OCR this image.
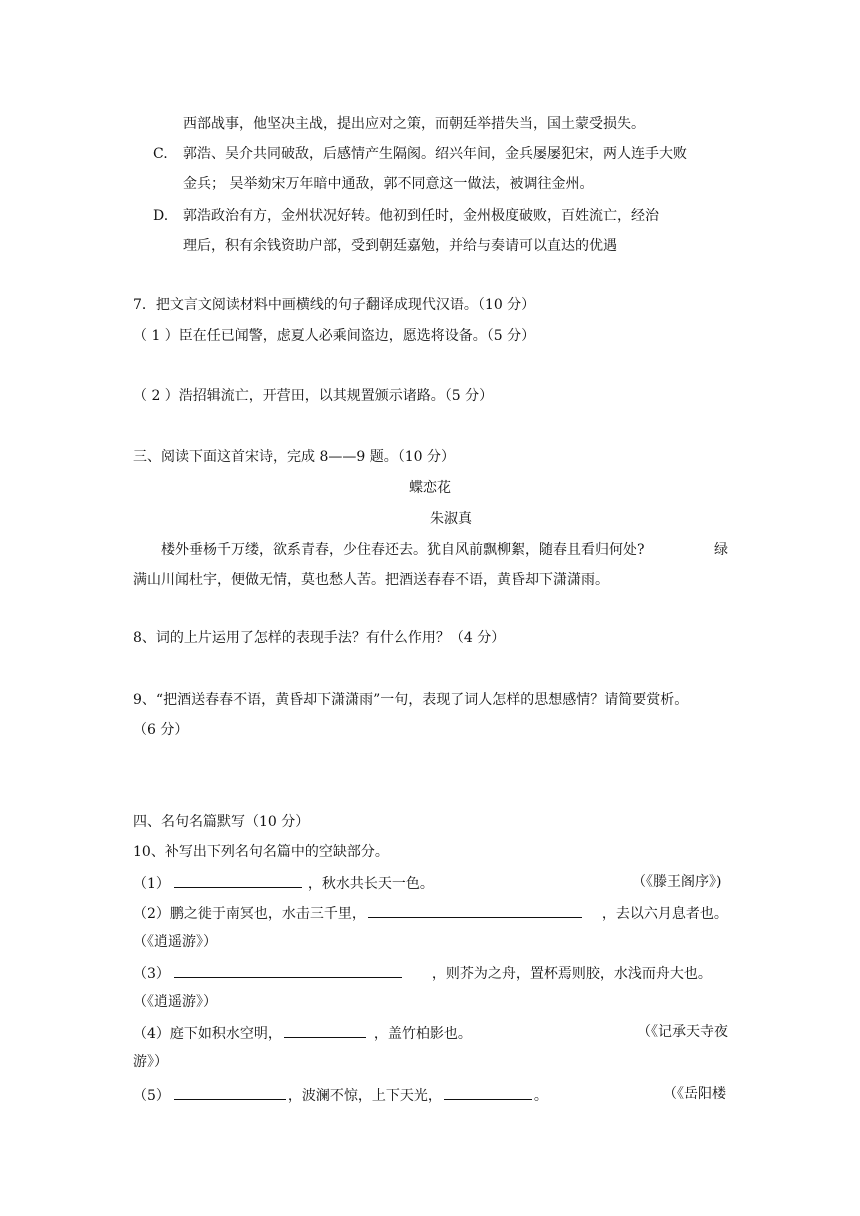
西部战事，他坚决主战，提出应对之策，而朝廷举措失当，国土蒙受损失。
C. 郭浩、吴介共同破敌，后感情产生隔阂。绍兴年间，金兵屡屡犯宋，两人连手大败
金兵； 吴举劾宋万年暗中通敌，郭不同意这一做法，被调往金州。
D. 郭浩政治有方，金州状况好转。他初到任时，金州极度破败，百姓流亡，经治
理后，积有余钱资助户部，受到朝廷嘉勉，并给与奏请可以直达的优遇
7．把文言文阅读材料中画横线的句子翻译成现代汉语。（10 分）
（ 1 ）臣在任已闻警，虑夏人必乘间盗边，愿选将设备。（5 分）
（ 2 ）浩招辑流亡，开营田，以其规置颁示诸路。（5 分）
三、阅读下面这首宋诗，完成 8——9 题。（10 分）
蝶恋花
朱淑真
楼外垂杨千万缕，欲系青春，少住春还去。犹自风前飘柳絮，随春且看归何处?	绿
满山川闻杜宇，便做无情，莫也愁人苦。把酒送春春不语，黄昏却下潇潇雨。
8、词的上片运用了怎样的表现手法？有什么作用？（4 分）
9、“把酒送春春不语，黄昏却下潇潇雨”一句，表现了词人怎样的思想感情？请简要赏析。
（6 分）
四、名句名篇默写（10 分）
10、补写出下列名句名篇中的空缺部分。
（1）	，秋水共长天一色。	（《滕王阁序》)
（2）鹏之徙于南冥也，水击三千里，	，去以六月息者也。
（《逍遥游》）
（3）	，则芥为之舟，置杯焉则胶，水浅而舟大也。
（《逍遥游》）
（4）庭下如积水空明，	，盖竹柏影也。	（《记承天寺夜
游》）
（5）	，波澜不惊，上下天光，	。	（《岳阳楼
